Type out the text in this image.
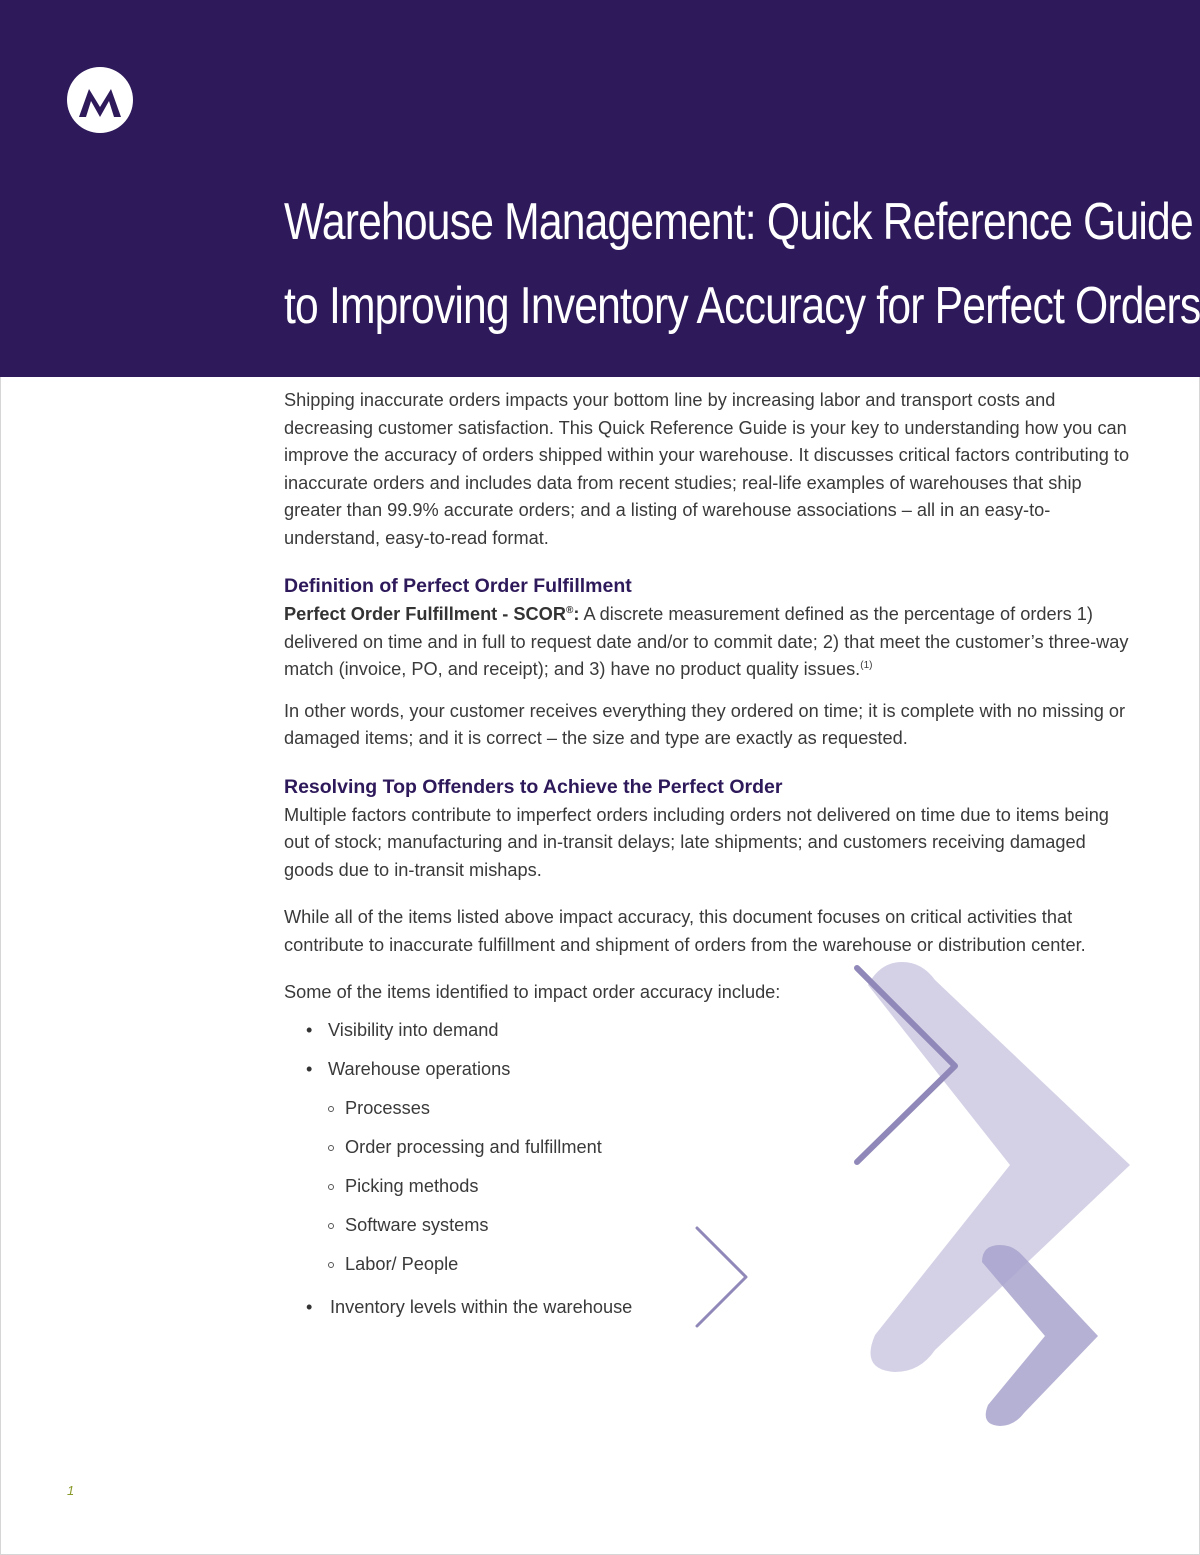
Warehouse Management: Quick Reference Guide
to Improving Inventory Accuracy for Perfect Orders

Shipping inaccurate orders impacts your bottom line by increasing labor and transport costs and decreasing customer satisfaction. This Quick Reference Guide is your key to understanding how you can improve the accuracy of orders shipped within your warehouse. It discusses critical factors contributing to inaccurate orders and includes data from recent studies; real-life examples of warehouses that ship greater than 99.9% accurate orders; and a listing of warehouse associations – all in an easy-to-understand, easy-to-read format.

Definition of Perfect Order Fulfillment

Perfect Order Fulfillment - SCOR®: A discrete measurement defined as the percentage of orders 1) delivered on time and in full to request date and/or to commit date; 2) that meet the customer’s three-way match (invoice, PO, and receipt); and 3) have no product quality issues.$^{(1)}$

In other words, your customer receives everything they ordered on time; it is complete with no missing or damaged items; and it is correct – the size and type are exactly as requested.

Resolving Top Offenders to Achieve the Perfect Order

Multiple factors contribute to imperfect orders including orders not delivered on time due to items being out of stock; manufacturing and in-transit delays; late shipments; and customers receiving damaged goods due to in-transit mishaps.

While all of the items listed above impact accuracy, this document focuses on critical activities that contribute to inaccurate fulfillment and shipment of orders from the warehouse or distribution center.

Some of the items identified to impact order accuracy include:

• Visibility into demand
• Warehouse operations
Processes
Order processing and fulfillment
Picking methods
Software systems
Labor/ People
• Inventory levels within the warehouse
1
